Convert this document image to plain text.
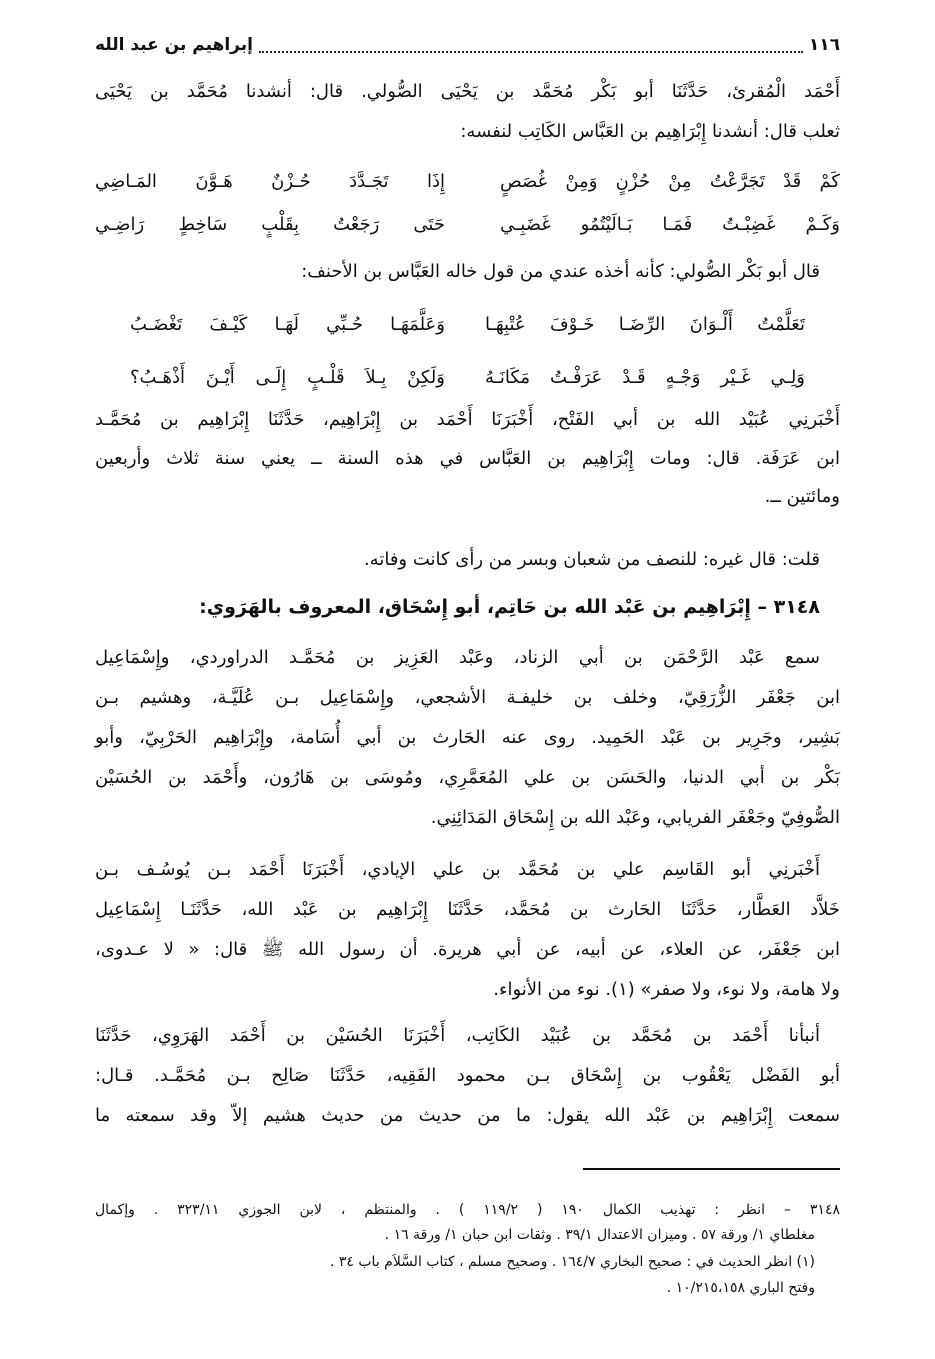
١١٦
إبراهيم بن عبد الله
أَحْمَد الْمُقرئ، حَدَّثَنَا أبو بَكْر مُحَمَّد بن يَحْيَى الصُّولي. قال: أنشدنا مُحَمَّد بن يَحْيَى
ثعلب قال: أنشدنا إِبْرَاهِيم بن العَبَّاس الكَاتِب لنفسه:
كَمْ قَدْ تَجَرَّعْتُ مِنْ حُزْنٍ وَمِنْ غُصَصٍ
إِذَا تَجَـدَّدَ حُـزْنٌ هَـوَّنَ المَـاضِي
وَكَـمْ غَضِبْـتُ فَمَـا بَـالَيْتُمُو غَضَبِـي
حَتَى رَجَعْتُ بِقَلْبٍ سَاخِطٍ رَاضِـي
قال أبو بَكْر الصُّولي: كأنه أخذه عندي من قول خاله العَبَّاس بن الأحنف:
تَعَلَّمْتُ أَلْـوَانَ الرِّضَـا خَـوْفَ عُتْبِهَـا
وَعَلَّمَهَـا حُـبِّي لَهَـا كَيْـفَ تَغْضَـبُ
وَلِـي غَـيْر وَجْـهٍ قَـدْ عَرَفْـتُ مَكَانَـهُ
وَلَكِنْ بِـلاَ قَلْـبٍ إِلَـى أَيْـنَ أَذْهَـبُ؟
أَخْبَرنِي عُبَيْد الله بن أبي الفَتْح، أَخْبَرَنَا أَحْمَد بن إِبْرَاهِيم، حَدَّثَنَا إِبْرَاهِيم بن مُحَمَّـد
ابن عَرَفَة. قال: ومات إِبْرَاهِيم بن العَبَّاس في هذه السنة ــ يعني سنة ثلاث وأربعين
ومائتين ــ.
قلت: قال غيره: للنصف من شعبان وبسر من رأى كانت وفاته.
٣١٤٨ – إِبْرَاهِيم بن عَبْد الله بن حَاتِم، أبو إِسْحَاق، المعروف بالهَرَوي:
سمع عَبْد الرَّحْمَن بن أبي الزناد، وعَبْد العَزِيز بن مُحَمَّـد الدراوردي، وإِسْمَاعِيل
ابن جَعْفَر الزُّرَقِيّ، وخلف بن خليفـة الأشجعي، وإِسْمَاعِيل بـن عُلَيَّـة، وهشيم بـن
بَشِير، وجَرِير بن عَبْد الحَمِيد. روى عنه الحَارث بن أبي أُسَامة، وإِبْرَاهِيم الحَرْبِيّ، وأبو
بَكْر بن أبي الدنيا، والحَسَن بن علي المُعَمَّرِي، ومُوسَى بن هَارُون، وأَحْمَد بن الحُسَيْن
الصُّوفِيّ وجَعْفَر الفريابي، وعَبْد الله بن إِسْحَاق المَدَائِنِي.
أَخْبَرنِي أبو القَاسِم علي بن مُحَمَّد بن علي الإيادي، أَخْبَرَنَا أَحْمَد بـن يُوسُـف بـن
خَلاَّد العَطَّار، حَدَّثَنَا الحَارث بن مُحَمَّد، حَدَّثَنَا إِبْرَاهِيم بن عَبْد الله، حَدَّثَنَـا إِسْمَاعِيل
ابن جَعْفَر، عن العلاء، عن أبيه، عن أبي هريرة. أن رسول الله ﷺ قال: « لا عـدوى،
ولا هامة، ولا نوء، ولا صفر» (١). نوء من الأنواء.
أنبأنا أَحْمَد بن مُحَمَّد بن عُبَيْد الكَاتِب، أَخْبَرَنَا الحُسَيْن بن أَحْمَد الهَرَوِي، حَدَّثَنَا
أبو الفَضْل يَعْقُوب بن إِسْحَاق بـن محمود الفَقِيه، حَدَّثَنَا صَالِح بـن مُحَمَّـد. قـال:
سمعت إِبْرَاهِيم بن عَبْد الله يقول: ما من حديث من حديث هشيم إلاّ وقد سمعته ما
٣١٤٨ – انظر : تهذيب الكمال ١٩٠ ( ١١٩/٢ ) . والمنتظم ، لابن الجوزي ٣٢٣/١١ . وإكمال
مغلطاي ١/ ورقة ٥٧ . وميزان الاعتدال ٣٩/١ . وثقات ابن حبان ١/ ورقة ١٦ .
(١) انظر الحديث في : صحيح البخاري ١٦٤/٧ . وصحيح مسلم ، كتاب السَّلاَم باب ٣٤ .
وفتح الباري ١٠/٢١٥،١٥٨ .
